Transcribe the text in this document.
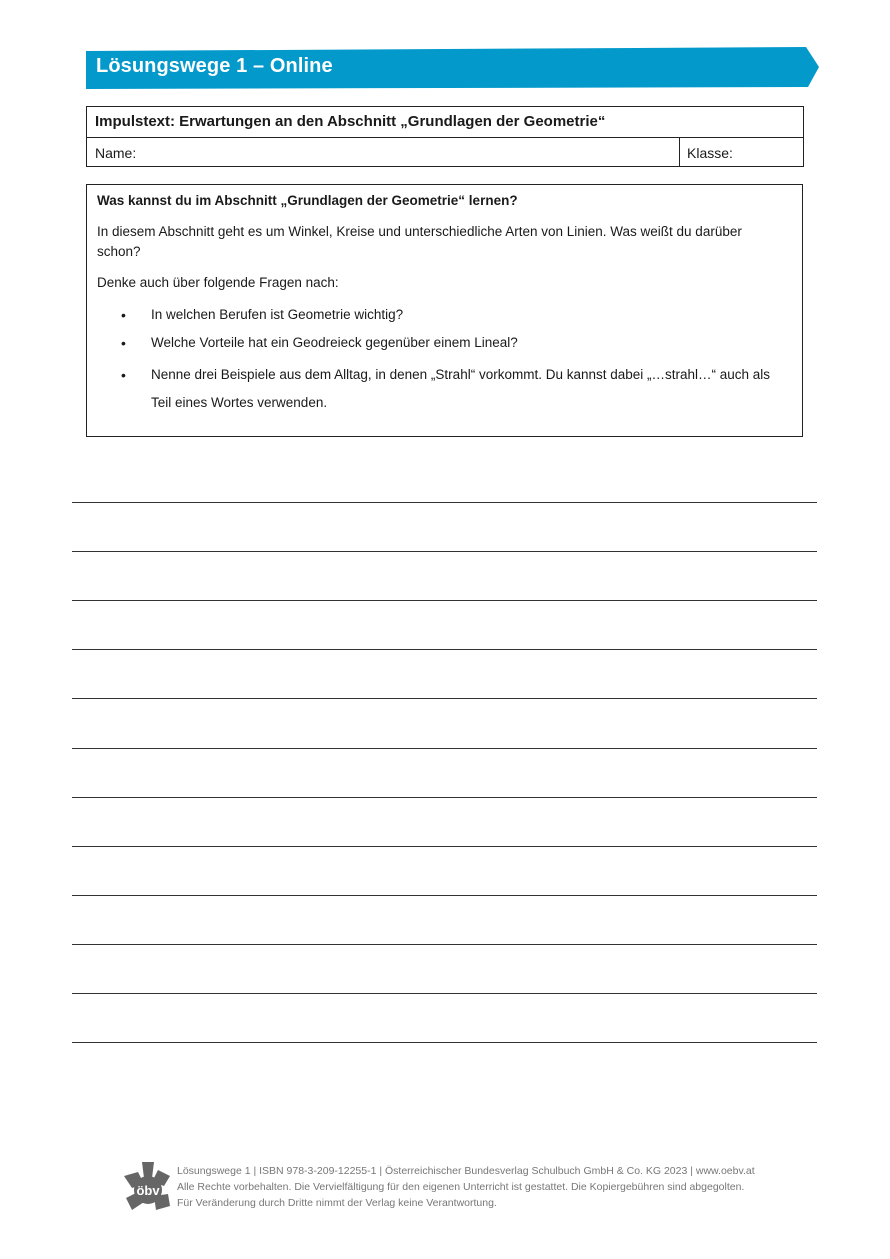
Lösungswege 1 – Online
Impulstext: Erwartungen an den Abschnitt „Grundlagen der Geometrie“
Name:	Klasse:
Was kannst du im Abschnitt „Grundlagen der Geometrie“ lernen?
In diesem Abschnitt geht es um Winkel, Kreise und unterschiedliche Arten von Linien. Was weißt du darüber schon?
Denke auch über folgende Fragen nach:
• In welchen Berufen ist Geometrie wichtig?
• Welche Vorteile hat ein Geodreieck gegenüber einem Lineal?
• Nenne drei Beispiele aus dem Alltag, in denen „Strahl“ vorkommt. Du kannst dabei „…strahl…“ auch als Teil eines Wortes verwenden.
öbv
Lösungswege 1 | ISBN 978-3-209-12255-1 | Österreichischer Bundesverlag Schulbuch GmbH & Co. KG 2023 | www.oebv.at
Alle Rechte vorbehalten. Die Vervielfältigung für den eigenen Unterricht ist gestattet. Die Kopiergebühren sind abgegolten.
Für Veränderung durch Dritte nimmt der Verlag keine Verantwortung.
